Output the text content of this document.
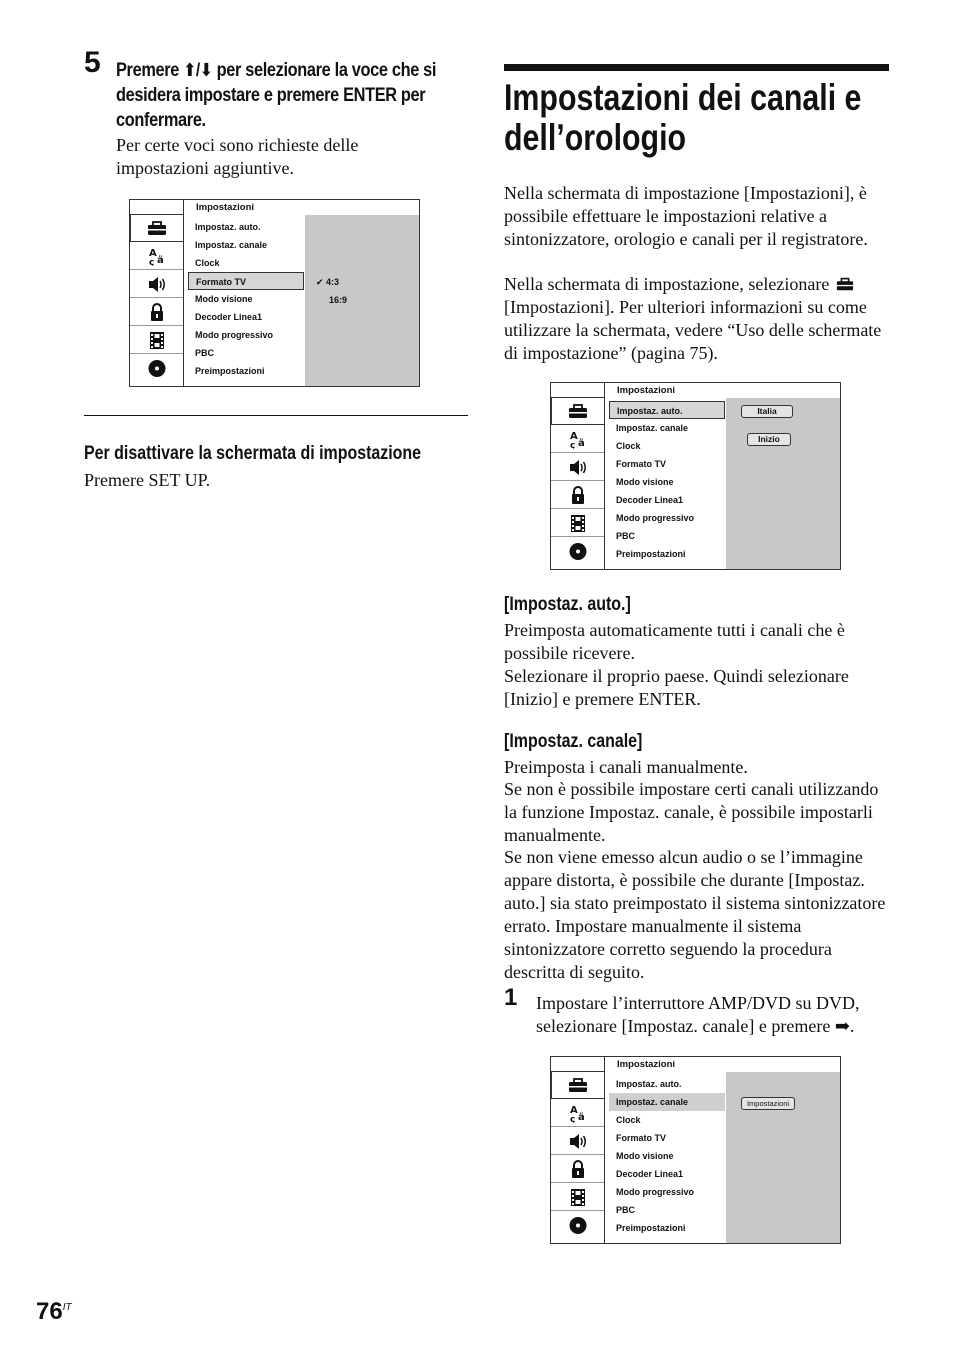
5 Premere ⬆/⬇ per selezionare la voce che si desidera impostare e premere ENTER per confermare.

Per certe voci sono richieste delle impostazioni aggiuntive.

Impostazioni
Impostaz. auto.
Impostaz. canale
Clock
Formato TV
Modo visione
Decoder Linea1
Modo progressivo
PBC
Preimpostazioni
✔ 4:3
16:9
Per disattivare la schermata di impostazione

Premere SET UP.

Impostazioni dei canali e dell’orologio

Nella schermata di impostazione [Impostazioni], è possibile effettuare le impostazioni relative a sintonizzatore, orologio e canali per il registratore.

Nella schermata di impostazione, selezionare  [Impostazioni]. Per ulteriori informazioni su come utilizzare la schermata, vedere “Uso delle schermate di impostazione” (pagina 75).

Impostazioni
Impostaz. auto.
Impostaz. canale
Clock
Formato TV
Modo visione
Decoder Linea1
Modo progressivo
PBC
Preimpostazioni
Italia
Inizio
[Impostaz. auto.]

Preimposta automaticamente tutti i canali che è possibile ricevere.

Selezionare il proprio paese. Quindi selezionare [Inizio] e premere ENTER.

[Impostaz. canale]

Preimposta i canali manualmente.

Se non è possibile impostare certi canali utilizzando la funzione Impostaz. canale, è possibile impostarli manualmente.

Se non viene emesso alcun audio o se l’immagine appare distorta, è possibile che durante [Impostaz. auto.] sia stato preimpostato il sistema sintonizzatore errato. Impostare manualmente il sistema sintonizzatore corretto seguendo la procedura descritta di seguito.

1 Impostare l’interruttore AMP/DVD su DVD, selezionare [Impostaz. canale] e premere ➡.

Impostazioni
Impostaz. auto.
Impostaz. canale
Clock
Formato TV
Modo visione
Decoder Linea1
Modo progressivo
PBC
Preimpostazioni
Impostazioni
$76^{IT}$
